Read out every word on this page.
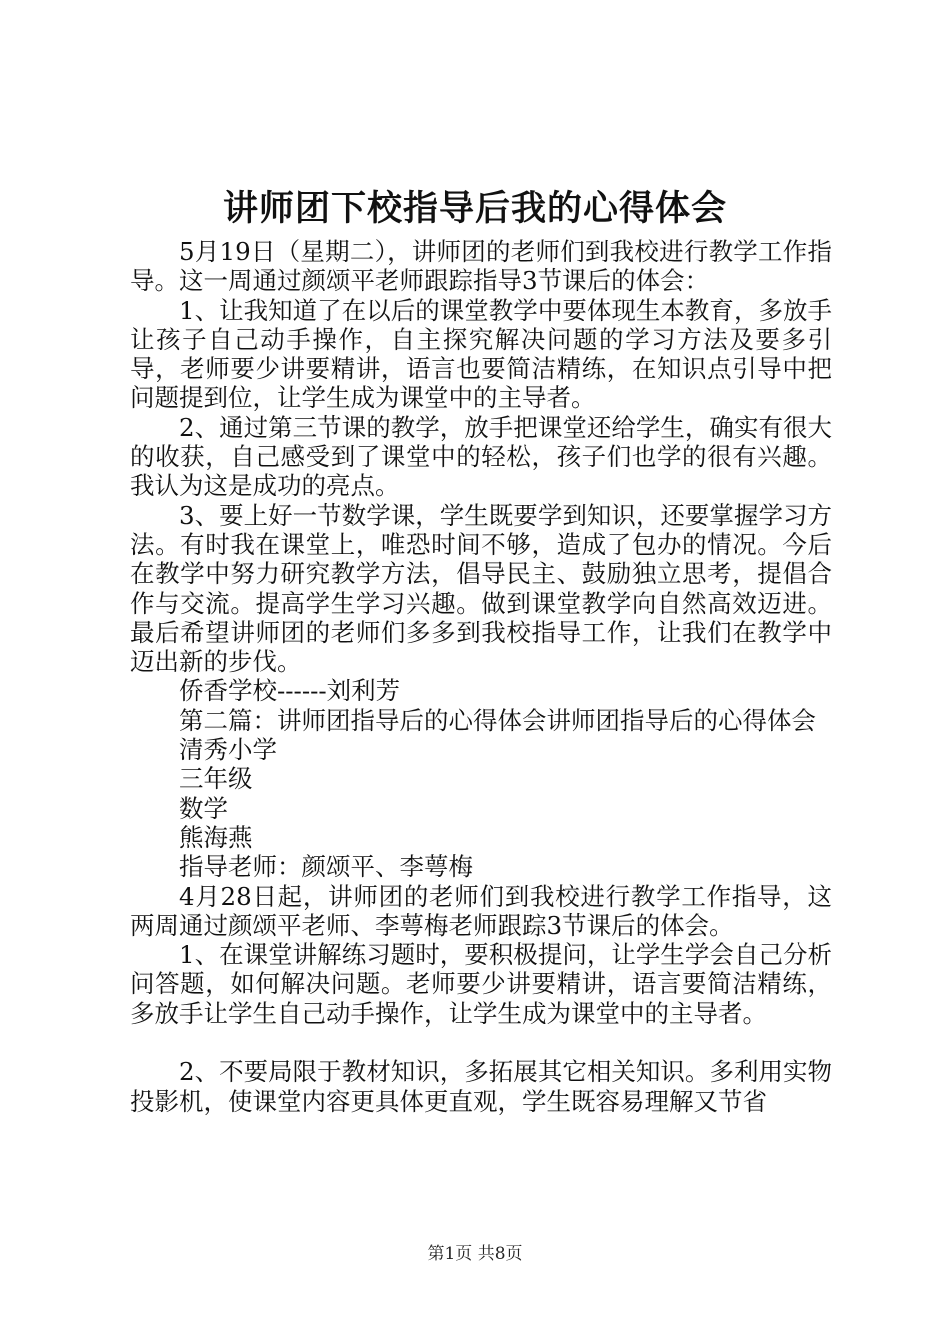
讲师团下校指导后我的心得体会

5月19日（星期二），讲师团的老师们到我校进行教学工作指导。这一周通过颜颂平老师跟踪指导3节课后的体会：

1、让我知道了在以后的课堂教学中要体现生本教育，多放手让孩子自己动手操作，自主探究解决问题的学习方法及要多引导，老师要少讲要精讲，语言也要简洁精练，在知识点引导中把问题提到位，让学生成为课堂中的主导者。

2、通过第三节课的教学，放手把课堂还给学生，确实有很大的收获，自己感受到了课堂中的轻松，孩子们也学的很有兴趣。我认为这是成功的亮点。

3、要上好一节数学课，学生既要学到知识，还要掌握学习方法。有时我在课堂上，唯恐时间不够，造成了包办的情况。今后在教学中努力研究教学方法，倡导民主、鼓励独立思考，提倡合作与交流。提高学生学习兴趣。做到课堂教学向自然高效迈进。最后希望讲师团的老师们多多到我校指导工作，让我们在教学中迈出新的步伐。

侨香学校------刘利芳

第二篇：讲师团指导后的心得体会讲师团指导后的心得体会

清秀小学

三年级

数学

熊海燕

指导老师：颜颂平、李萼梅

4月28日起，讲师团的老师们到我校进行教学工作指导，这两周通过颜颂平老师、李萼梅老师跟踪3节课后的体会。

1、在课堂讲解练习题时，要积极提问，让学生学会自己分析问答题，如何解决问题。老师要少讲要精讲，语言要简洁精练，多放手让学生自己动手操作，让学生成为课堂中的主导者。

2、不要局限于教材知识，多拓展其它相关知识。多利用实物投影机，使课堂内容更具体更直观，学生既容易理解又节省

第1页 共8页
